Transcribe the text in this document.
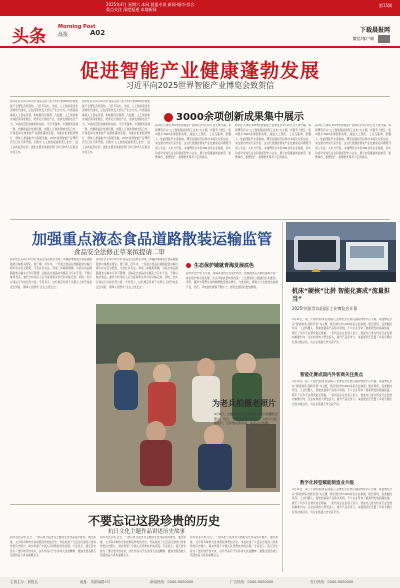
2025年4月 星期六 本网 晨报专讯 新闻·城市·综合
重点关注 深度报道 本地新闻
第15期
头条 Morning Post
晨报	A02	下载晨报网
微信/客户端
促进智能产业健康蓬勃发展
习近平向2025世界智能产业博览会致贺信
新华社北京4月12日电 国家主席习近平12日向2025世界智能产业博览会致贺信。习近平指出，当前，人工智能等技术加速迭代演进，正在深刻改变人类生产生活方式。中国高度重视人工智能发展，积极推动互联网、大数据、人工智能和实体经济深度融合，培育壮大智能产业，加快发展新质生产力，为高质量发展提供新动能。习近平强调，中国愿同各国一道，把握智能化发展机遇，加强人工智能领域交流合作，共同促进全球智能产业健康蓬勃发展，为推动世界经济增长、增进人类福祉作出积极贡献。2025世界智能产业博览会当日在天津开幕，主题为“人工智能赋能新型工业化”，由工业和信息化部、国家发展改革委等部门和天津市人民政府共同主办。
新华社北京4月12日电 国家主席习近平12日向2025世界智能产业博览会致贺信。习近平指出，当前，人工智能等技术加速迭代演进，正在深刻改变人类生产生活方式。中国高度重视人工智能发展，积极推动互联网、大数据、人工智能和实体经济深度融合，培育壮大智能产业，加快发展新质生产力，为高质量发展提供新动能。习近平强调，中国愿同各国一道，把握智能化发展机遇，加强人工智能领域交流合作，共同促进全球智能产业健康蓬勃发展，为推动世界经济增长、增进人类福祉作出积极贡献。2025世界智能产业博览会当日在天津开幕，主题为“人工智能赋能新型工业化”，由工业和信息化部、国家发展改革委等部门和天津市人民政府共同主办。
3000余项创新成果集中展示
新华社天津电 2025世界智能产业博览会4月12日在天津开幕。本届博览会以“人工智能赋能新型工业化”为主题，设置多个展区，集中展示3000余项创新成果，涵盖人工智能、工业互联网、机器人、智能网联汽车等领域。博览会期间还将举办多场论坛和活动，来自国内外的专家学者、企业代表围绕智能产业发展前沿问题展开深入交流。主办方介绍，本届博览会共有500余家企业参展，其中包括众多知名企业和创新型中小企业，展示内容覆盖智能制造、智慧城市、智慧医疗、智慧教育等多个应用场景。
新华社天津电 2025世界智能产业博览会4月12日在天津开幕。本届博览会以“人工智能赋能新型工业化”为主题，设置多个展区，集中展示3000余项创新成果，涵盖人工智能、工业互联网、机器人、智能网联汽车等领域。博览会期间还将举办多场论坛和活动，来自国内外的专家学者、企业代表围绕智能产业发展前沿问题展开深入交流。主办方介绍，本届博览会共有500余家企业参展，其中包括众多知名企业和创新型中小企业，展示内容覆盖智能制造、智慧城市、智慧医疗、智慧教育等多个应用场景。
新华社天津电 2025世界智能产业博览会4月12日在天津开幕。本届博览会以“人工智能赋能新型工业化”为主题，设置多个展区，集中展示3000余项创新成果，涵盖人工智能、工业互联网、机器人、智能网联汽车等领域。博览会期间还将举办多场论坛和活动，来自国内外的专家学者、企业代表围绕智能产业发展前沿问题展开深入交流。主办方介绍，本届博览会共有500余家企业参展，其中包括众多知名企业和创新型中小企业，展示内容覆盖智能制造、智慧城市、智慧医疗、智慧教育等多个应用场景。
加强重点液态食品道路散装运输监管
食品安全法修正草案拟提请二审
新华社北京4月12日电 食品安全法修正草案二审稿拟增加液态食品道路散装运输相关规定。据了解，近年来，一些液态食品在道路散装运输过程中存在安全隐患，引发社会关注。草案二审稿拟明确，对液态食品道路散装运输实行许可管理；运输液态食品的车辆应当专车专用，不得运输非食品；委托方和承运人应当查验相关许可和运输记录。同时，加大对违法行为的处罚力度。专家表示，这些规定有助于从源头上防范食品安全风险，保障人民群众“舌尖上的安全”。
新华社北京4月12日电 食品安全法修正草案二审稿拟增加液态食品道路散装运输相关规定。据了解，近年来，一些液态食品在道路散装运输过程中存在安全隐患，引发社会关注。草案二审稿拟明确，对液态食品道路散装运输实行许可管理；运输液态食品的车辆应当专车专用，不得运输非食品；委托方和承运人应当查验相关许可和运输记录。同时，加大对违法行为的处罚力度。专家表示，这些规定有助于从源头上防范食品安全风险，保障人民群众“舌尖上的安全”。
生态保护铺就青海发展底色
新华社西宁电 近年来，青海省坚持生态保护优先，统筹推进山水林田湖草沙冰一体化保护和系统治理，生态环境质量持续改善。三江源国家公园建设扎实推进，雪豹、藏羚羊等野生动物种群数量稳步增长。与此同时，青海大力发展清洁能源产业，光伏、风电装机规模不断扩大，绿色发展底色更加鲜明。
机床“硬核”比拼 智能化赛成“流量担当”
2025中国(青岛)国际工业博览会开幕
4月12日，第二十届中国(青岛)国际工业博览会在青岛国际博览中心开幕。本届博览会以“智能制造·创新引领”为主题，吸引国内外1000余家企业参展。展会现场，各类数控机床、工业机器人、智能装备等产品集中亮相，不少企业带来了最新研发的高端装备，吸引了众多专业观众驻足观看。一家机床企业负责人表示，智能化已成为机床行业发展的重要方向，企业持续加大研发投入，提升产品竞争力。本届展会还设置了多场专题论坛和对接活动，为企业搭建合作交流平台。
智能化赛成国内外客商关注焦点
4月12日，第二十届中国(青岛)国际工业博览会在青岛国际博览中心开幕。本届博览会以“智能制造·创新引领”为主题，吸引国内外1000余家企业参展。展会现场，各类数控机床、工业机器人、智能装备等产品集中亮相，不少企业带来了最新研发的高端装备，吸引了众多专业观众驻足观看。一家机床企业负责人表示，智能化已成为机床行业发展的重要方向，企业持续加大研发投入，提升产品竞争力。本届展会还设置了多场专题论坛和对接活动，为企业搭建合作交流平台。
数字化转型赋能制造业升级
4月12日，第二十届中国(青岛)国际工业博览会在青岛国际博览中心开幕。本届博览会以“智能制造·创新引领”为主题，吸引国内外1000余家企业参展。展会现场，各类数控机床、工业机器人、智能装备等产品集中亮相，不少企业带来了最新研发的高端装备，吸引了众多专业观众驻足观看。一家机床企业负责人表示，智能化已成为机床行业发展的重要方向，企业持续加大研发投入，提升产品竞争力。本届展会还设置了多场专题论坛和对接活动，为企业搭建合作交流平台。
为老兵拍摄老照片
4月8日，志愿者在江西省某社区为老兵拍摄纪念照片。当日，当地志愿者来到社区，为老兵们拍摄照片，记录他们的风采，向老兵们致敬。
不要忘记这段珍贵的历史
抗日文化主题作品讲述历史故事
新华社北京电 近日，一批以抗日战争为主题的文化作品集中推出，通过影像、文字等多种形式讲述那段珍贵的历史。作品收录了大量亲历者的口述和珍贵历史照片，真实再现了中国人民英勇抗争的历程。专家表示，铭记历史是为了更好地开创未来，这些作品对于弘扬伟大抗战精神、激励全国各族人民团结奋斗具有重要意义。
新华社北京电 近日，一批以抗日战争为主题的文化作品集中推出，通过影像、文字等多种形式讲述那段珍贵的历史。作品收录了大量亲历者的口述和珍贵历史照片，真实再现了中国人民英勇抗争的历程。专家表示，铭记历史是为了更好地开创未来，这些作品对于弘扬伟大抗战精神、激励全国各族人民团结奋斗具有重要意义。
新华社北京电 近日，一批以抗日战争为主题的文化作品集中推出，通过影像、文字等多种形式讲述那段珍贵的历史。作品收录了大量亲历者的口述和珍贵历史照片，真实再现了中国人民英勇抗争的历程。专家表示，铭记历史是为了更好地开创未来，这些作品对于弘扬伟大抗战精神、激励全国各族人民团结奋斗具有重要意义。
主管主办：晨报社	地址：市新闻路1号	新闻热线：0000-0000000	广告热线：0000-0000000	发行热线：0000-0000000
